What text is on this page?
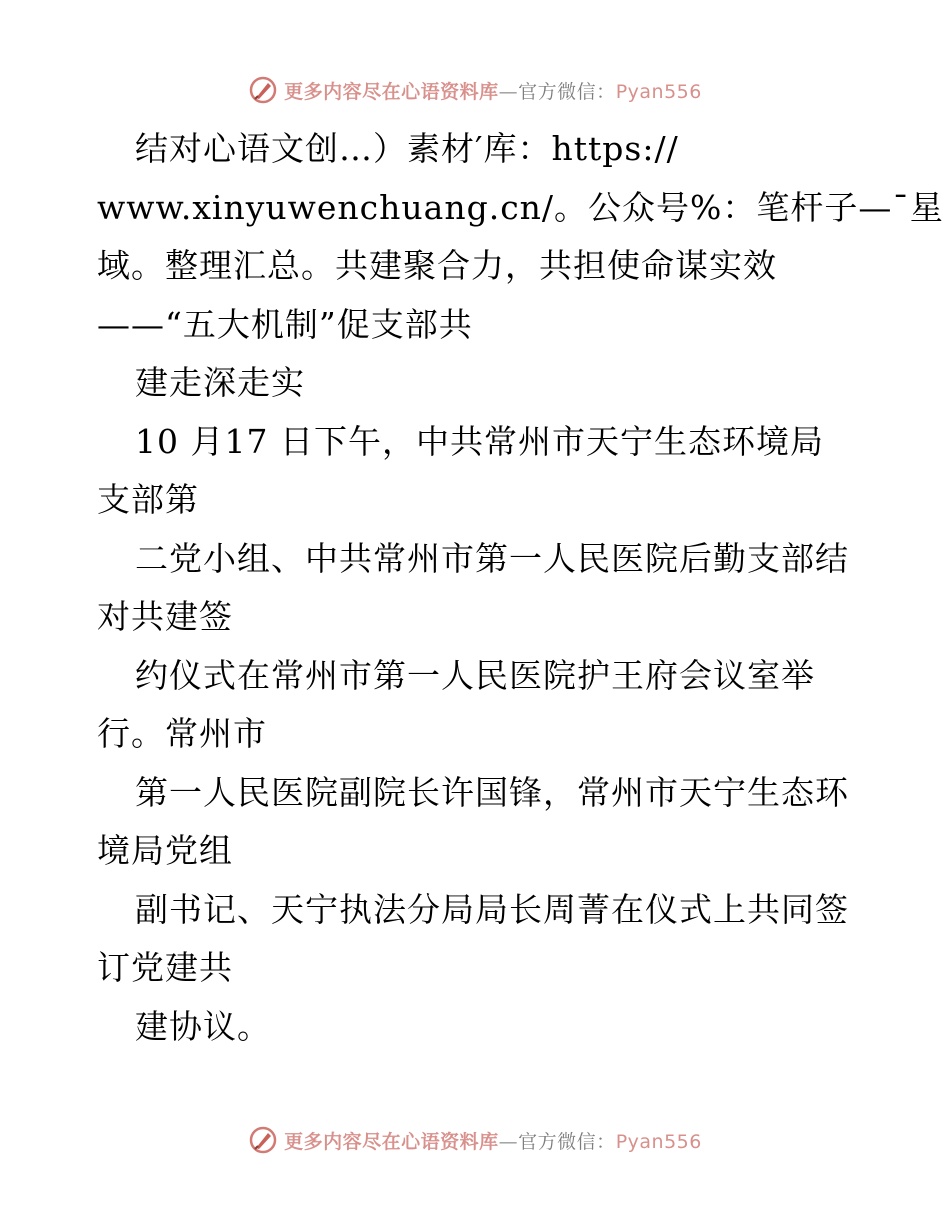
更多内容尽在心语资料库—官方微信：Pyan556
结对心语文创…）素材′库：https://
www.xinyuwenchuang.cn/。公众号%：笔杆子—¯星
域。整理汇总。共建聚合力，共担使命谋实效
——“五大机制”促支部共
建走深走实
10 月17 日下午，中共常州市天宁生态环境局
支部第
二党小组、中共常州市第一人民医院后勤支部结
对共建签
约仪式在常州市第一人民医院护王府会议室举
行。常州市
第一人民医院副院长许国锋，常州市天宁生态环
境局党组
副书记、天宁执法分局局长周菁在仪式上共同签
订党建共
建协议。
更多内容尽在心语资料库—官方微信：Pyan556
